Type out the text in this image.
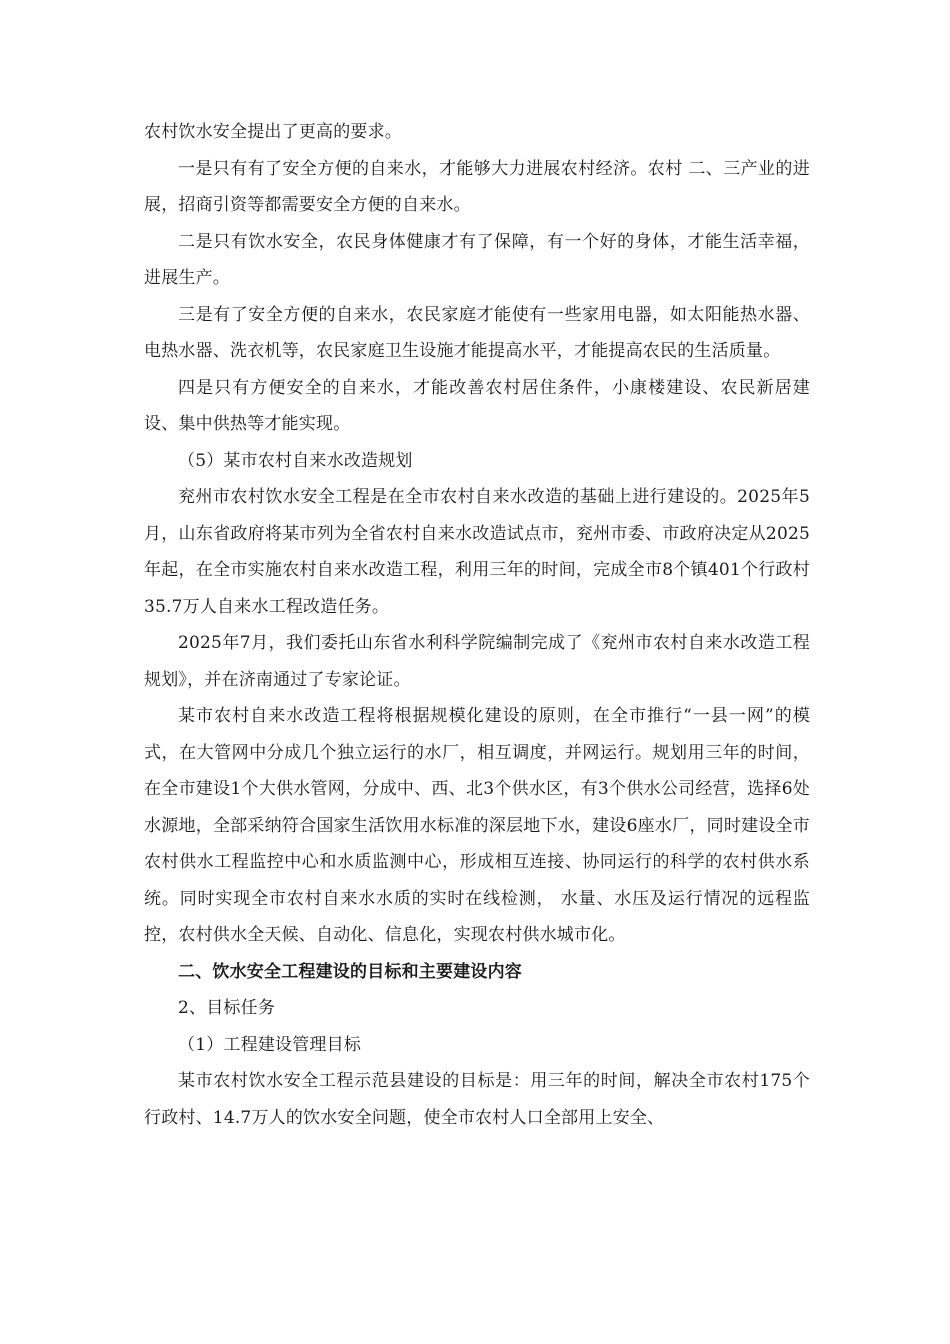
农村饮水安全提出了更高的要求。

一是只有有了安全方便的自来水，才能够大力进展农村经济。农村 二、三产业的进展，招商引资等都需要安全方便的自来水。

二是只有饮水安全，农民身体健康才有了保障，有一个好的身体，才能生活幸福，进展生产。

三是有了安全方便的自来水，农民家庭才能使有一些家用电器，如太阳能热水器、电热水器、洗衣机等，农民家庭卫生设施才能提高水平，才能提高农民的生活质量。

四是只有方便安全的自来水，才能改善农村居住条件，小康楼建设、农民新居建设、集中供热等才能实现。

（5）某市农村自来水改造规划

兖州市农村饮水安全工程是在全市农村自来水改造的基础上进行建设的。2025年5月，山东省政府将某市列为全省农村自来水改造试点市，兖州市委、市政府决定从2025年起，在全市实施农村自来水改造工程，利用三年的时间，完成全市8个镇401个行政村35.7万人自来水工程改造任务。

2025年7月，我们委托山东省水利科学院编制完成了《兖州市农村自来水改造工程规划》，并在济南通过了专家论证。

某市农村自来水改造工程将根据规模化建设的原则，在全市推行“一县一网”的模式，在大管网中分成几个独立运行的水厂，相互调度，并网运行。规划用三年的时间，在全市建设1个大供水管网，分成中、西、北3个供水区，有3个供水公司经营，选择6处水源地，全部采纳符合国家生活饮用水标准的深层地下水，建设6座水厂，同时建设全市农村供水工程监控中心和水质监测中心，形成相互连接、协同运行的科学的农村供水系统。同时实现全市农村自来水水质的实时在线检测， 水量、水压及运行情况的远程监控，农村供水全天候、自动化、信息化，实现农村供水城市化。

二、饮水安全工程建设的目标和主要建设内容

2、目标任务

（1）工程建设管理目标

某市农村饮水安全工程示范县建设的目标是：用三年的时间，解决全市农村175个行政村、14.7万人的饮水安全问题，使全市农村人口全部用上安全、
